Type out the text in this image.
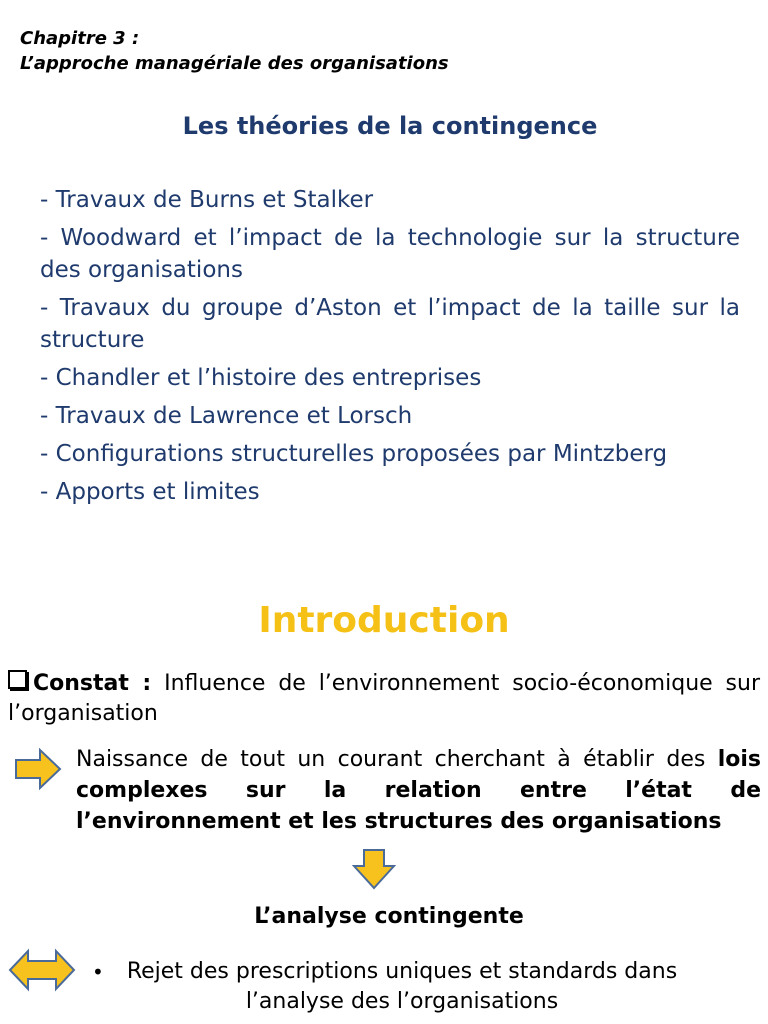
Chapitre 3 :
L’approche managériale des organisations
Les théories de la contingence
- Travaux de Burns et Stalker
- Woodward et l’impact de la technologie sur la structure des organisations
- Travaux du groupe d’Aston et l’impact de la taille sur la structure
- Chandler et l’histoire des entreprises
- Travaux de Lawrence et Lorsch
- Configurations structurelles proposées par Mintzberg
- Apports et limites
Introduction
Constat : Influence de l’environnement socio-économique sur l’organisation
Naissance de tout un courant cherchant à établir des lois complexes sur la relation entre l’état de l’environnement et les structures des organisations
L’analyse contingente
•	Rejet des prescriptions uniques et standards dans l’analyse des l’organisations
